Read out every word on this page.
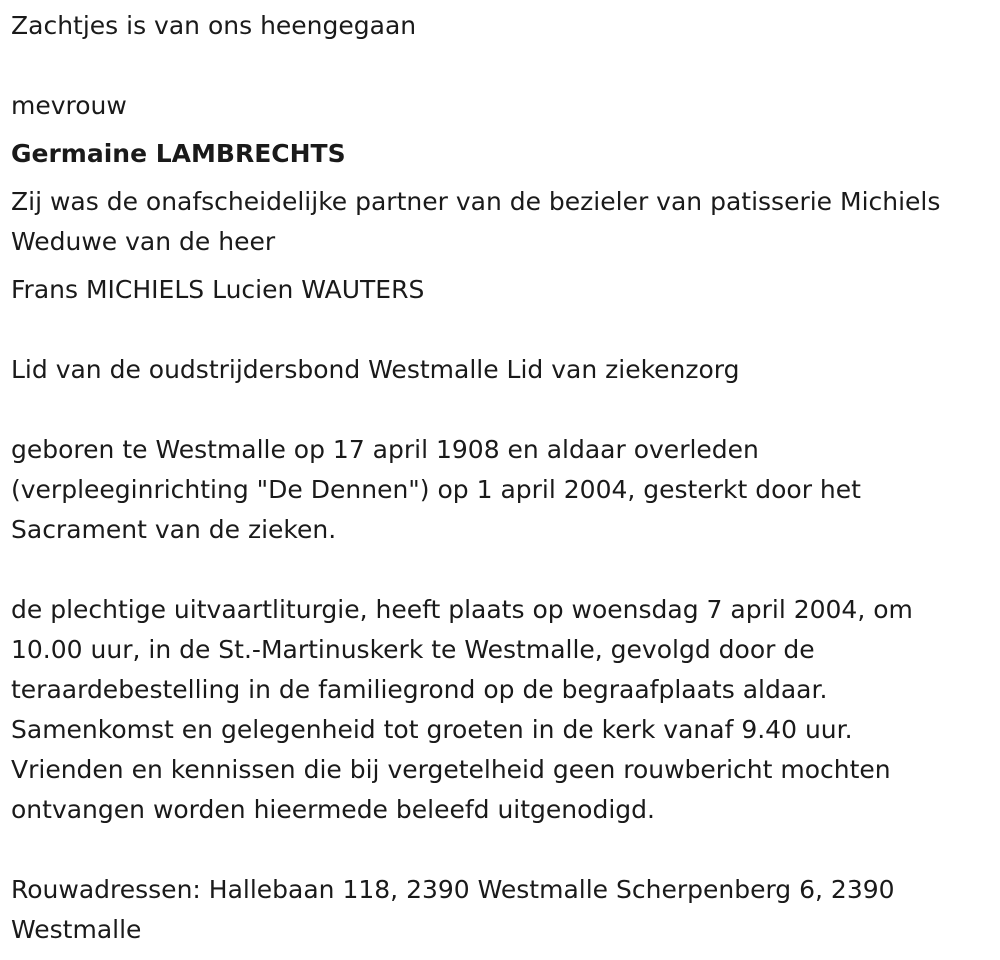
Zachtjes is van ons heengegaan
mevrouw
Germaine LAMBRECHTS
Zij was de onafscheidelijke partner van de bezieler van patisserie Michiels
Weduwe van de heer
Frans MICHIELS Lucien WAUTERS
Lid van de oudstrijdersbond Westmalle Lid van ziekenzorg
geboren te Westmalle op 17 april 1908 en aldaar overleden
(verpleeginrichting "De Dennen") op 1 april 2004, gesterkt door het
Sacrament van de zieken.
de plechtige uitvaartliturgie, heeft plaats op woensdag 7 april 2004, om
10.00 uur, in de St.-Martinuskerk te Westmalle, gevolgd door de
teraardebestelling in de familiegrond op de begraafplaats aldaar.
Samenkomst en gelegenheid tot groeten in de kerk vanaf 9.40 uur.
Vrienden en kennissen die bij vergetelheid geen rouwbericht mochten
ontvangen worden hieermede beleefd uitgenodigd.
Rouwadressen: Hallebaan 118, 2390 Westmalle Scherpenberg 6, 2390
Westmalle
